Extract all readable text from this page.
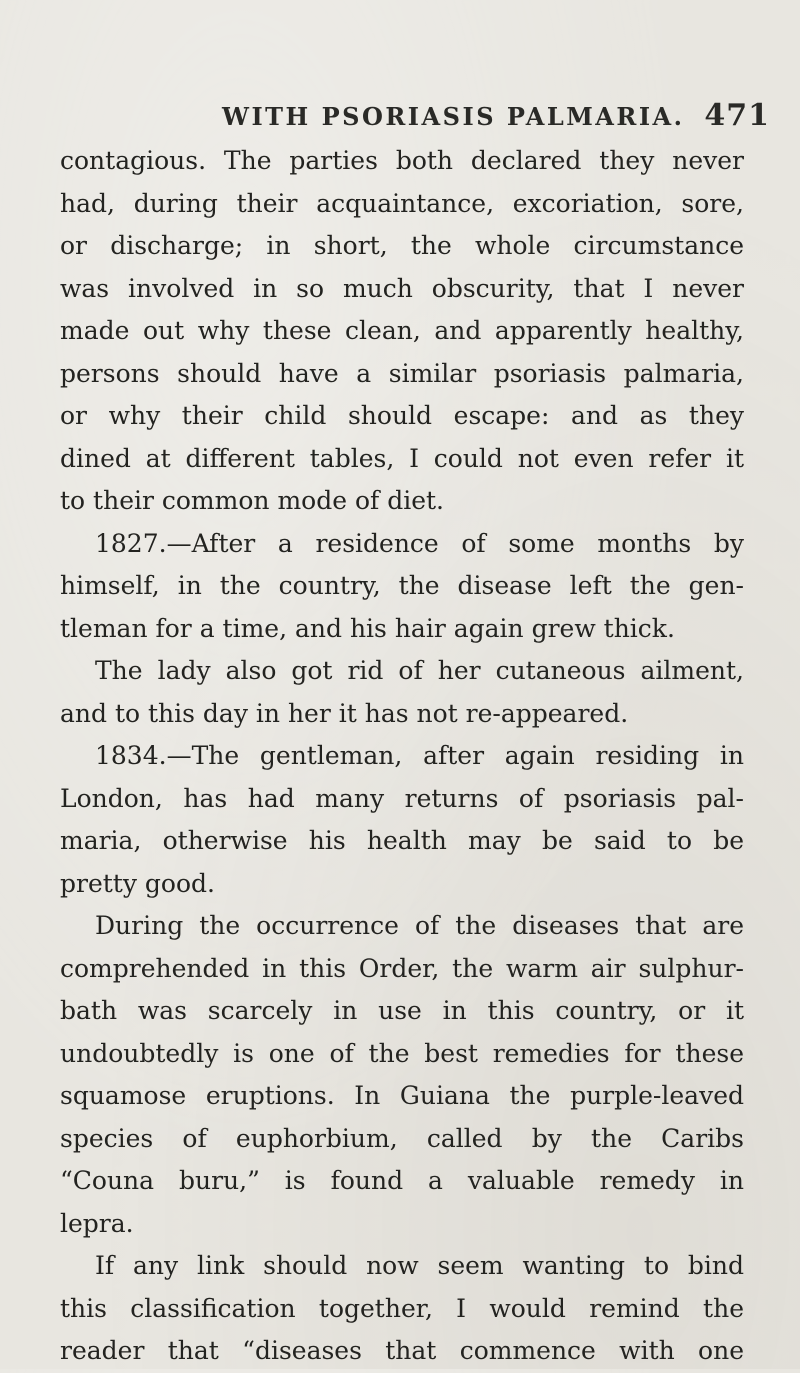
WITH PSORIASIS PALMARIA. 471
contagious. The parties both declared they never
had, during their acquaintance, excoriation, sore,
or discharge; in short, the whole circumstance
was involved in so much obscurity, that I never
made out why these clean, and apparently healthy,
persons should have a similar psoriasis palmaria,
or why their child should escape: and as they
dined at different tables, I could not even refer it
to their common mode of diet.
1827.—After a residence of some months by
himself, in the country, the disease left the gen-
tleman for a time, and his hair again grew thick.
The lady also got rid of her cutaneous ailment,
and to this day in her it has not re-appeared.
1834.—The gentleman, after again residing in
London, has had many returns of psoriasis pal-
maria, otherwise his health may be said to be
pretty good.
During the occurrence of the diseases that are
comprehended in this Order, the warm air sulphur-
bath was scarcely in use in this country, or it
undoubtedly is one of the best remedies for these
squamose eruptions. In Guiana the purple-leaved
species of euphorbium, called by the Caribs
“Couna buru,” is found a valuable remedy in
lepra.
If any link should now seem wanting to bind
this classification together, I would remind the
reader that “diseases that commence with one
